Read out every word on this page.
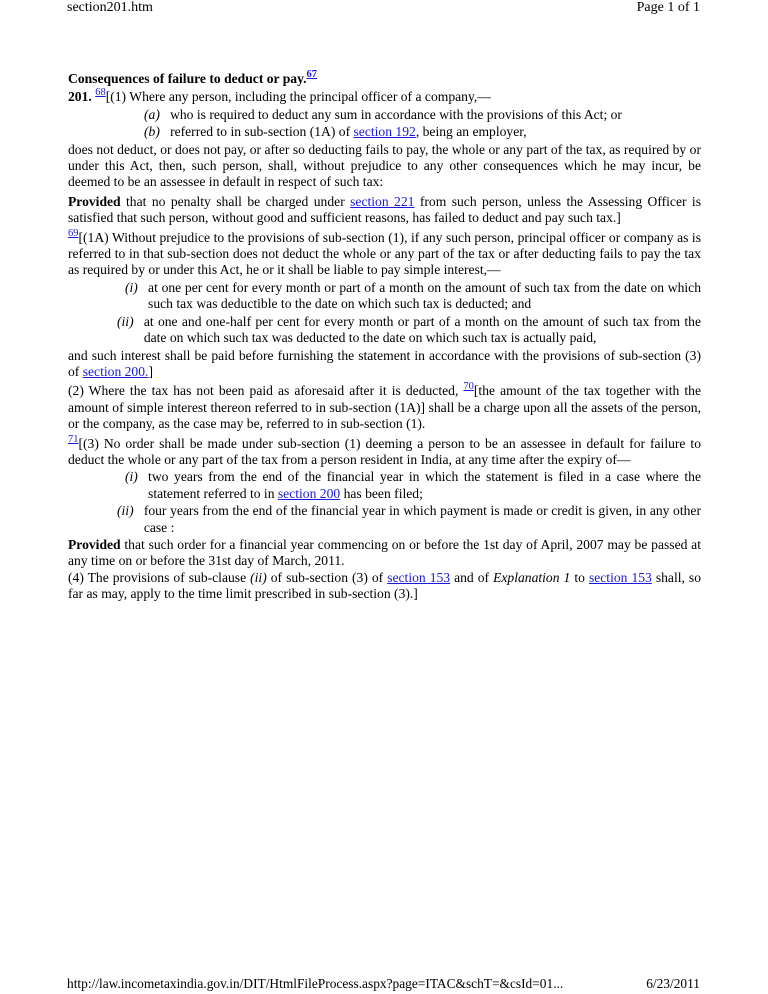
section201.htm	Page 1 of 1

Consequences of failure to deduct or pay.$^{67}$

201. $^{68}$[(1) Where any person, including the principal officer of a company,—

(a) who is required to deduct any sum in accordance with the provisions of this Act; or
(b) referred to in sub-section (1A) of section 192, being an employer,

does not deduct, or does not pay, or after so deducting fails to pay, the whole or any part of the tax, as required by or under this Act, then, such person, shall, without prejudice to any other consequences which he may incur, be deemed to be an assessee in default in respect of such tax:

Provided that no penalty shall be charged under section 221 from such person, unless the Assessing Officer is satisfied that such person, without good and sufficient reasons, has failed to deduct and pay such tax.]

$^{69}$[(1A) Without prejudice to the provisions of sub-section (1), if any such person, principal officer or company as is referred to in that sub-section does not deduct the whole or any part of the tax or after deducting fails to pay the tax as required by or under this Act, he or it shall be liable to pay simple interest,—

(i) at one per cent for every month or part of a month on the amount of such tax from the date on which such tax was deductible to the date on which such tax is deducted; and
(ii) at one and one-half per cent for every month or part of a month on the amount of such tax from the date on which such tax was deducted to the date on which such tax is actually paid,

and such interest shall be paid before furnishing the statement in accordance with the provisions of sub-section (3) of section 200.]

(2) Where the tax has not been paid as aforesaid after it is deducted, $^{70}$[the amount of the tax together with the amount of simple interest thereon referred to in sub-section (1A)] shall be a charge upon all the assets of the person, or the company, as the case may be, referred to in sub-section (1).

$^{71}$[(3) No order shall be made under sub-section (1) deeming a person to be an assessee in default for failure to deduct the whole or any part of the tax from a person resident in India, at any time after the expiry of—

(i) two years from the end of the financial year in which the statement is filed in a case where the statement referred to in section 200 has been filed;
(ii) four years from the end of the financial year in which payment is made or credit is given, in any other case :

Provided that such order for a financial year commencing on or before the 1st day of April, 2007 may be passed at any time on or before the 31st day of March, 2011.

(4) The provisions of sub-clause (ii) of sub-section (3) of section 153 and of Explanation 1 to section 153 shall, so far as may, apply to the time limit prescribed in sub-section (3).]

http://law.incometaxindia.gov.in/DIT/HtmlFileProcess.aspx?page=ITAC&schT=&csId=01...	6/23/2011
